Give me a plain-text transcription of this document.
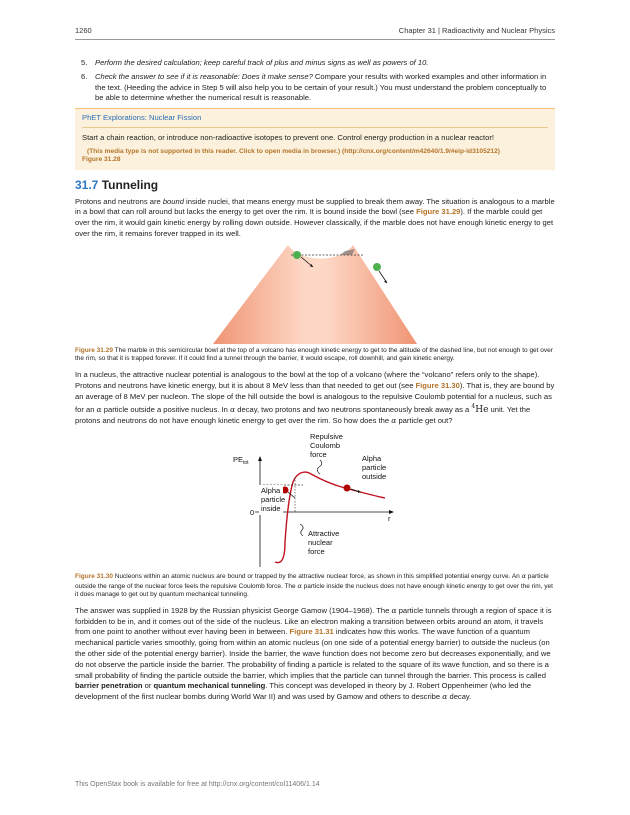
1260	Chapter 31 | Radioactivity and Nuclear Physics
5. Perform the desired calculation; keep careful track of plus and minus signs as well as powers of 10.
6. Check the answer to see if it is reasonable: Does it make sense? Compare your results with worked examples and other information in the text. (Heeding the advice in Step 5 will also help you to be certain of your result.) You must understand the problem conceptually to be able to determine whether the numerical result is reasonable.
PhET Explorations: Nuclear Fission
Start a chain reaction, or introduce non-radioactive isotopes to prevent one. Control energy production in a nuclear reactor!
(This media type is not supported in this reader. Click to open media in browser.) (http://cnx.org/content/m42640/1.9/#eip-id3105212)
Figure 31.28
31.7 Tunneling

Protons and neutrons are bound inside nuclei, that means energy must be supplied to break them away. The situation is analogous to a marble in a bowl that can roll around but lacks the energy to get over the rim. It is bound inside the bowl (see Figure 31.29). If the marble could get over the rim, it would gain kinetic energy by rolling down outside. However classically, if the marble does not have enough kinetic energy to get over the rim, it remains forever trapped in its well.

Figure 31.29 The marble in this semicircular bowl at the top of a volcano has enough kinetic energy to get to the altitude of the dashed line, but not enough to get over the rim, so that it is trapped forever. If it could find a tunnel through the barrier, it would escape, roll downhill, and gain kinetic energy.

In a nucleus, the attractive nuclear potential is analogous to the bowl at the top of a volcano (where the “volcano” refers only to the shape). Protons and neutrons have kinetic energy, but it is about 8 MeV less than that needed to get out (see Figure 31.30). That is, they are bound by an average of 8 MeV per nucleon. The slope of the hill outside the bowl is analogous to the repulsive Coulomb potential for a nucleus, such as for an α particle outside a positive nucleus. In α decay, two protons and two neutrons spontaneously break away as a $^4$He unit. Yet the protons and neutrons do not have enough kinetic energy to get over the rim. So how does the α particle get out?

$PE_{tot}$
r
0
Repulsive Coulomb force	Alpha particle outside
Alpha particle inside
Attractive nuclear force
Figure 31.30 Nucleons within an atomic nucleus are bound or trapped by the attractive nuclear force, as shown in this simplified potential energy curve. An α particle outside the range of the nuclear force feels the repulsive Coulomb force. The α particle inside the nucleus does not have enough kinetic energy to get over the rim, yet it does manage to get out by quantum mechanical tunneling.

The answer was supplied in 1928 by the Russian physicist George Gamow (1904–1968). The α particle tunnels through a region of space it is forbidden to be in, and it comes out of the side of the nucleus. Like an electron making a transition between orbits around an atom, it travels from one point to another without ever having been in between. Figure 31.31 indicates how this works. The wave function of a quantum mechanical particle varies smoothly, going from within an atomic nucleus (on one side of a potential energy barrier) to outside the nucleus (on the other side of the potential energy barrier). Inside the barrier, the wave function does not become zero but decreases exponentially, and we do not observe the particle inside the barrier. The probability of finding a particle is related to the square of its wave function, and so there is a small probability of finding the particle outside the barrier, which implies that the particle can tunnel through the barrier. This process is called barrier penetration or quantum mechanical tunneling. This concept was developed in theory by J. Robert Oppenheimer (who led the development of the first nuclear bombs during World War II) and was used by Gamow and others to describe α decay.

This OpenStax book is available for free at http://cnx.org/content/col11406/1.14
